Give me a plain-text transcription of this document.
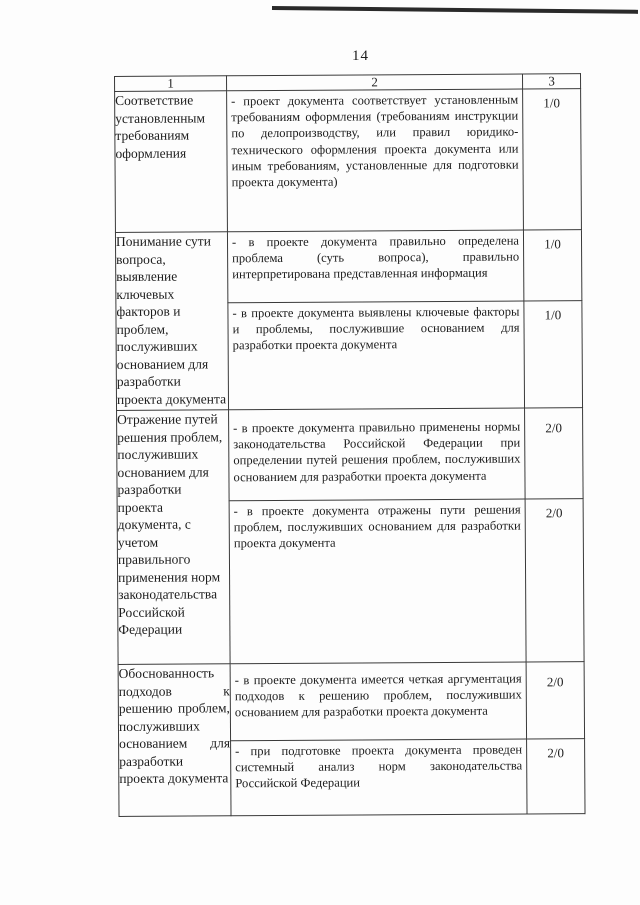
14
1	2	3
Соответствие установленным требованиям оформления	- проект документа соответствует установленным требованиям оформления (требованиям инструкции по делопроизводству, или правил юридико-технического оформления проекта документа или иным требованиям, установленные для подготовки проекта документа)	1/0

Понимание сути вопроса, выявление ключевых факторов и проблем, послуживших основанием для разработки проекта документа	- в проекте документа правильно определена проблема (суть вопроса), правильно интерпретирована представленная информация	1/0

	- в проекте документа выявлены ключевые факторы и проблемы, послужившие основанием для разработки проекта документа	1/0

Отражение путей решения проблем, послуживших основанием для разработки проекта документа, с учетом правильного применения норм законодательства Российской Федерации	- в проекте документа правильно применены нормы законодательства Российской Федерации при определении путей решения проблем, послуживших основанием для разработки проекта документа	2/0

	- в проекте документа отражены пути решения проблем, послуживших основанием для разработки проекта документа	2/0

Обоснованность подходов к решению проблем, послуживших основанием для разработки проекта документа	- в проекте документа имеется четкая аргументация подходов к решению проблем, послуживших основанием для разработки проекта документа	2/0

	- при подготовке проекта документа проведен системный анализ норм законодательства Российской Федерации	2/0
